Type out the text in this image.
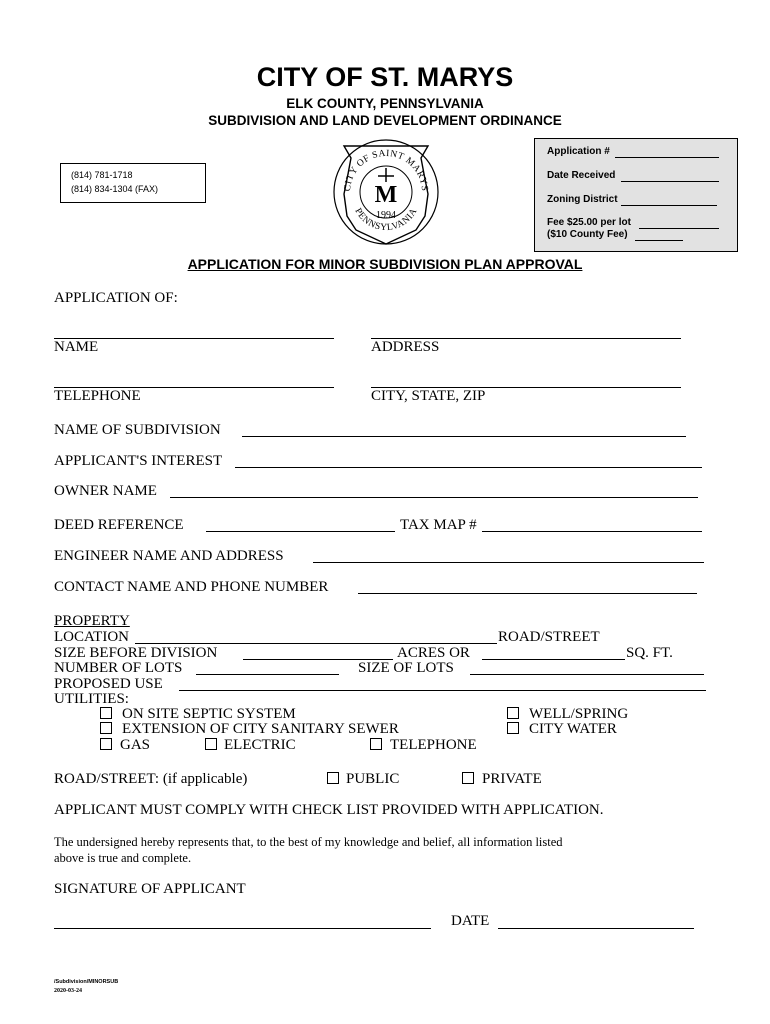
CITY OF ST. MARYS
ELK COUNTY, PENNSYLVANIA
SUBDIVISION AND LAND DEVELOPMENT ORDINANCE
(814) 781-1718
(814) 834-1304 (FAX)	CITY OF SAINT MARYS
PENNSYLVANIA
M
1994
Application #
Date Received
Zoning District
Fee $25.00 per lot
($10 County Fee)
APPLICATION FOR MINOR SUBDIVISION PLAN APPROVAL
APPLICATION OF:
NAME	ADDRESS
TELEPHONE	CITY, STATE, ZIP
NAME OF SUBDIVISION
APPLICANT'S INTEREST
OWNER NAME
DEED REFERENCE	TAX MAP #
ENGINEER NAME AND ADDRESS
CONTACT NAME AND PHONE NUMBER
PROPERTY
LOCATION	ROAD/STREET
SIZE BEFORE DIVISION	ACRES OR	SQ. FT.
NUMBER OF LOTS	SIZE OF LOTS
PROPOSED USE
UTILITIES:
ON SITE SEPTIC SYSTEM	WELL/SPRING
EXTENSION OF CITY SANITARY SEWER	CITY WATER
GAS	ELECTRIC	TELEPHONE
ROAD/STREET: (if applicable)	PUBLIC	PRIVATE
APPLICANT MUST COMPLY WITH CHECK LIST PROVIDED WITH APPLICATION.
The undersigned hereby represents that, to the best of my knowledge and belief, all information listed
above is true and complete.
SIGNATURE OF APPLICANT
DATE
/Subdivision/MINORSUB
2020-03-24
